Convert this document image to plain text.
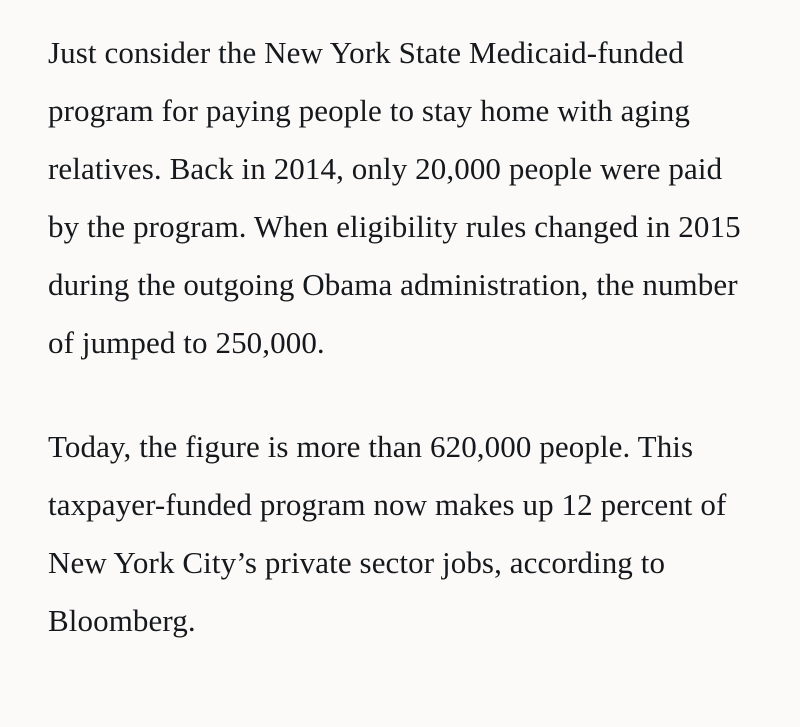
Just consider the New York State Medicaid-funded program for paying people to stay home with aging relatives. Back in 2014, only 20,000 people were paid by the program. When eligibility rules changed in 2015 during the outgoing Obama administration, the number of jumped to 250,000.

Today, the figure is more than 620,000 people. This taxpayer-funded program now makes up 12 percent of New York City’s private sector jobs, according to Bloomberg.
